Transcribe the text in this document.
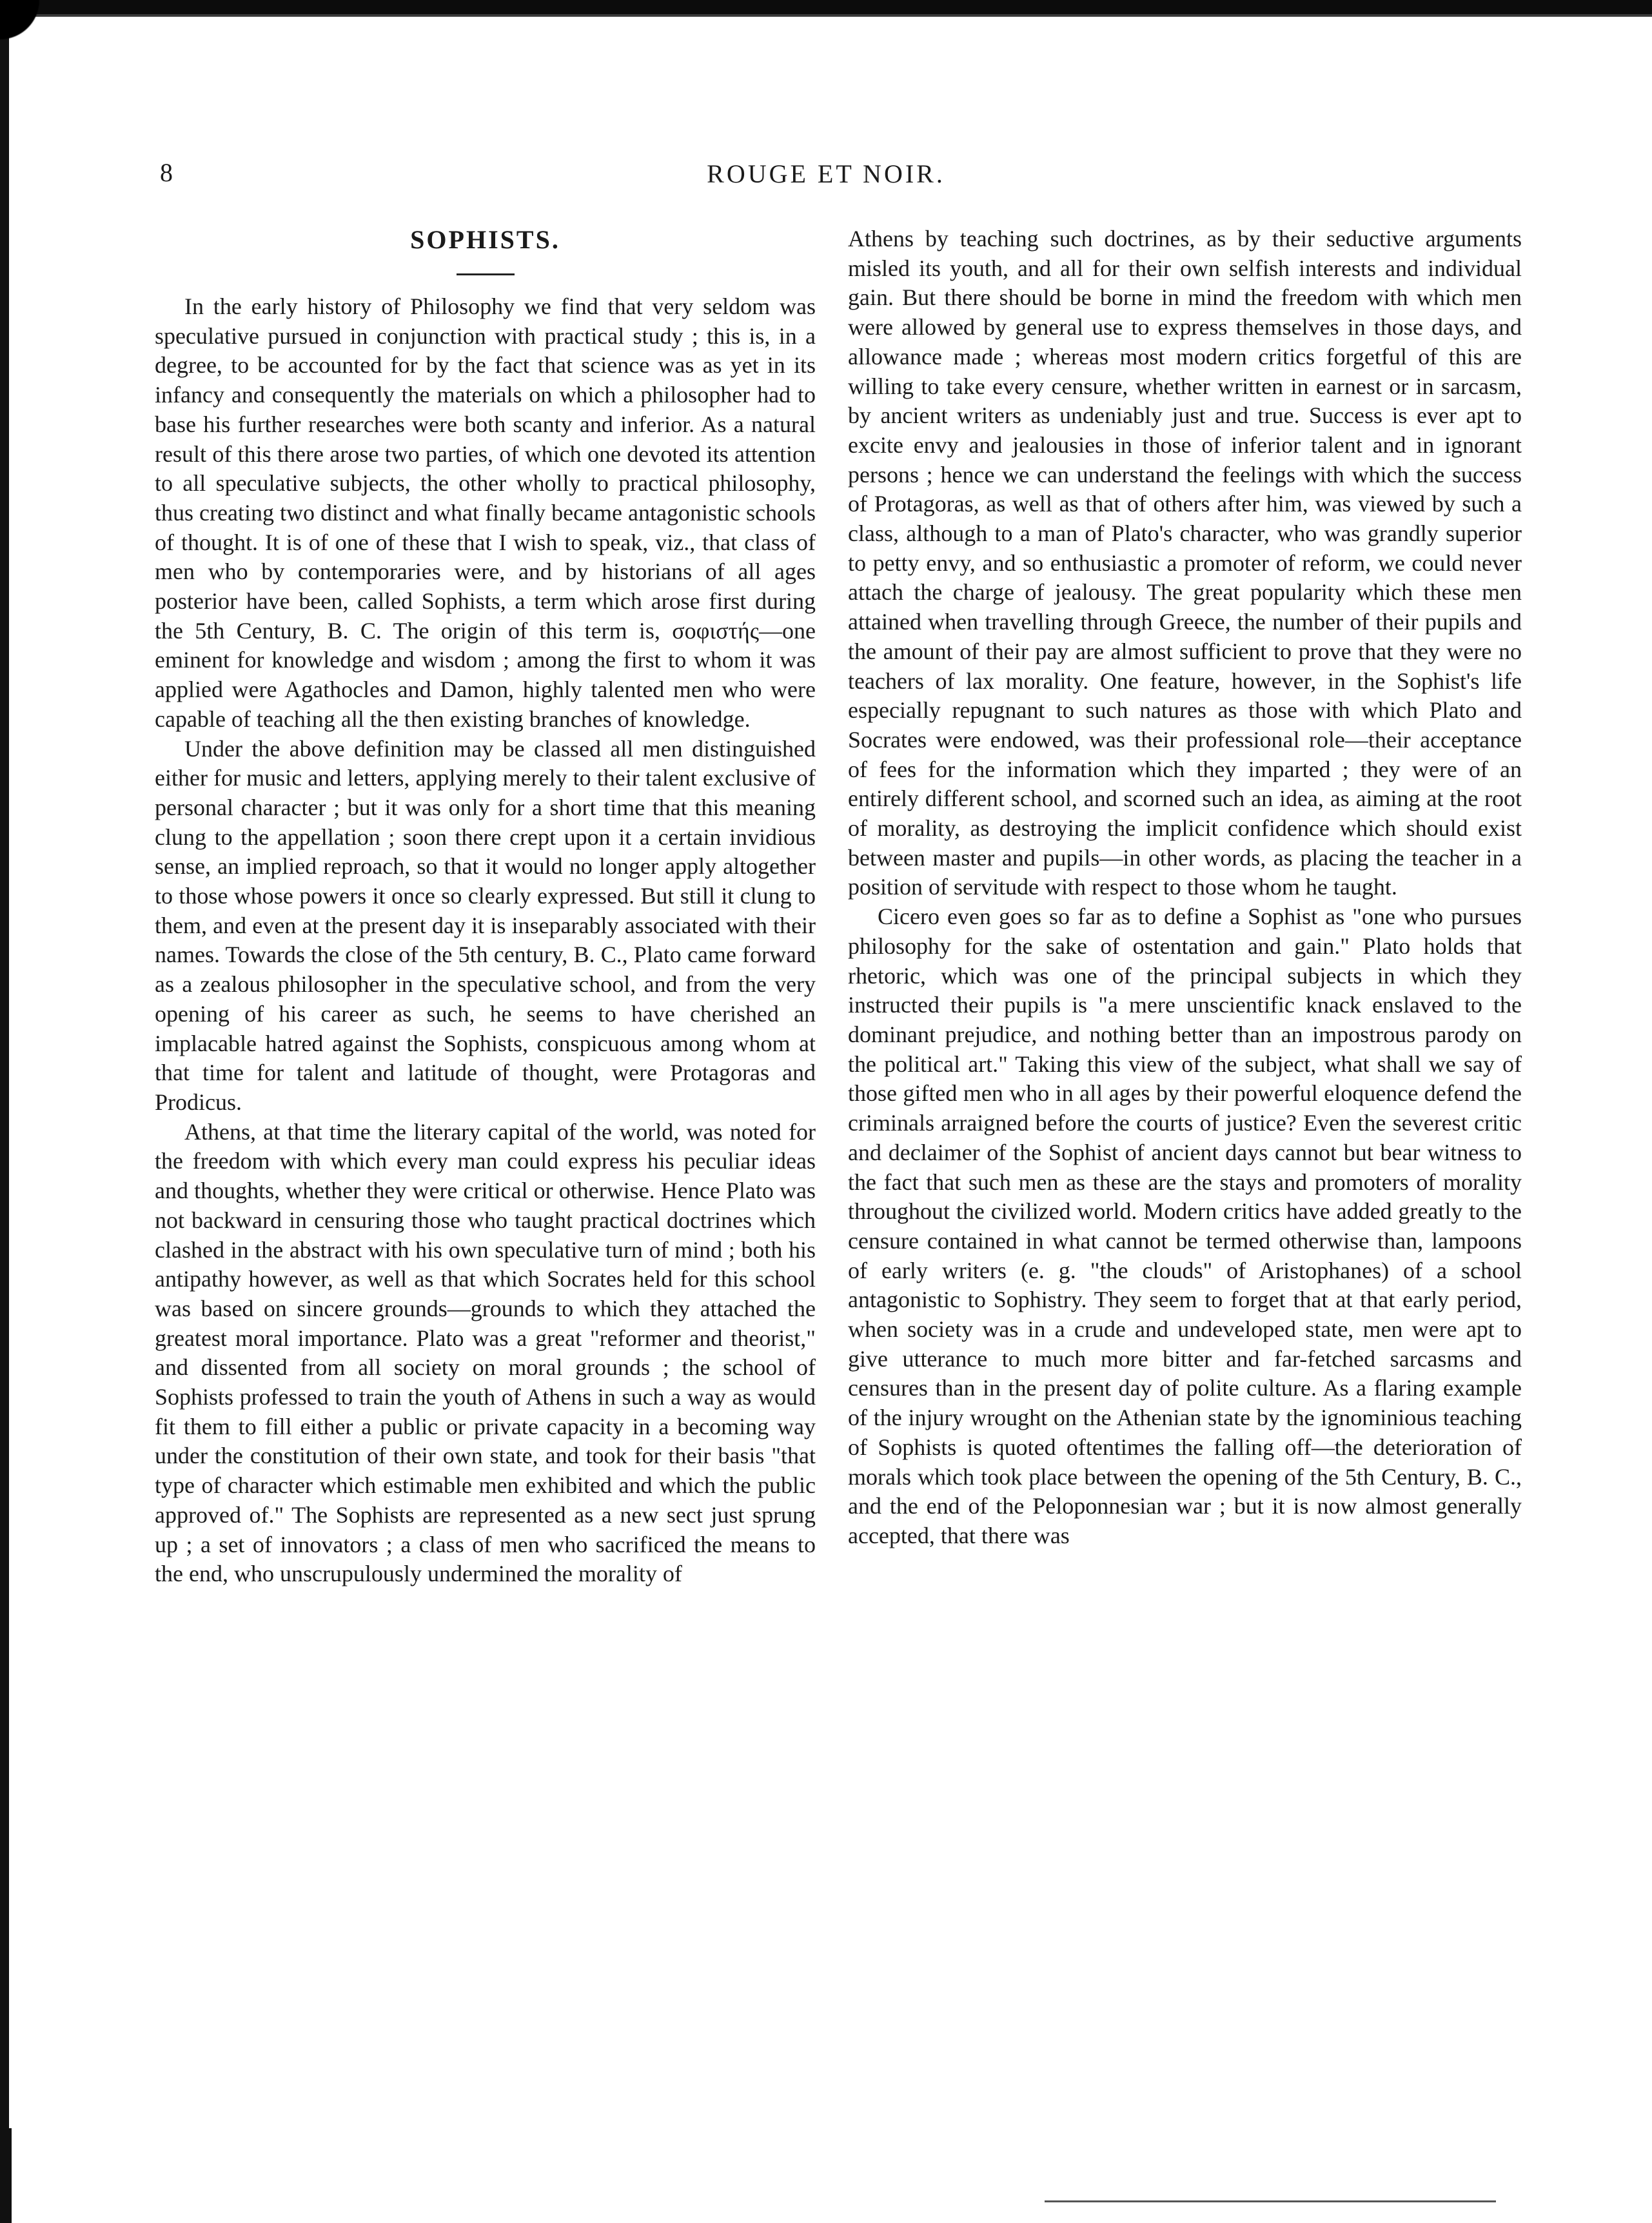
8	ROUGE ET NOIR.
SOPHISTS.

In the early history of Philosophy we find that very seldom was speculative pursued in conjunction with practical study ; this is, in a degree, to be accounted for by the fact that science was as yet in its infancy and consequently the materials on which a philosopher had to base his further researches were both scanty and inferior. As a natural result of this there arose two parties, of which one devoted its attention to all speculative subjects, the other wholly to practical philosophy, thus creating two distinct and what finally became antagonistic schools of thought. It is of one of these that I wish to speak, viz., that class of men who by contemporaries were, and by historians of all ages posterior have been, called Sophists, a term which arose first during the 5th Century, B. C. The origin of this term is, σοφιστής—one eminent for knowledge and wisdom ; among the first to whom it was applied were Agathocles and Damon, highly talented men who were capable of teaching all the then existing branches of knowledge.

Under the above definition may be classed all men distinguished either for music and letters, applying merely to their talent exclusive of personal character ; but it was only for a short time that this meaning clung to the appellation ; soon there crept upon it a certain invidious sense, an implied reproach, so that it would no longer apply altogether to those whose powers it once so clearly expressed. But still it clung to them, and even at the present day it is inseparably associated with their names. Towards the close of the 5th century, B. C., Plato came forward as a zealous philosopher in the speculative school, and from the very opening of his career as such, he seems to have cherished an implacable hatred against the Sophists, conspicuous among whom at that time for talent and latitude of thought, were Protagoras and Prodicus.

Athens, at that time the literary capital of the world, was noted for the freedom with which every man could express his peculiar ideas and thoughts, whether they were critical or otherwise. Hence Plato was not backward in censuring those who taught practical doctrines which clashed in the abstract with his own speculative turn of mind ; both his antipathy however, as well as that which Socrates held for this school was based on sincere grounds—grounds to which they attached the greatest moral importance. Plato was a great "reformer and theorist," and dissented from all society on moral grounds ; the school of Sophists professed to train the youth of Athens in such a way as would fit them to fill either a public or private capacity in a becoming way under the constitution of their own state, and took for their basis "that type of character which estimable men exhibited and which the public approved of." The Sophists are represented as a new sect just sprung up ; a set of innovators ; a class of men who sacrificed the means to the end, who unscrupulously undermined the morality of

Athens by teaching such doctrines, as by their seductive arguments misled its youth, and all for their own selfish interests and individual gain. But there should be borne in mind the freedom with which men were allowed by general use to express themselves in those days, and allowance made ; whereas most modern critics forgetful of this are willing to take every censure, whether written in earnest or in sarcasm, by ancient writers as undeniably just and true. Success is ever apt to excite envy and jealousies in those of inferior talent and in ignorant persons ; hence we can understand the feelings with which the success of Protagoras, as well as that of others after him, was viewed by such a class, although to a man of Plato's character, who was grandly superior to petty envy, and so enthusiastic a promoter of reform, we could never attach the charge of jealousy. The great popularity which these men attained when travelling through Greece, the number of their pupils and the amount of their pay are almost sufficient to prove that they were no teachers of lax morality. One feature, however, in the Sophist's life especially repugnant to such natures as those with which Plato and Socrates were endowed, was their professional role—their acceptance of fees for the information which they imparted ; they were of an entirely different school, and scorned such an idea, as aiming at the root of morality, as destroying the implicit confidence which should exist between master and pupils—in other words, as placing the teacher in a position of servitude with respect to those whom he taught.

Cicero even goes so far as to define a Sophist as "one who pursues philosophy for the sake of ostentation and gain." Plato holds that rhetoric, which was one of the principal subjects in which they instructed their pupils is "a mere unscientific knack enslaved to the dominant prejudice, and nothing better than an impostrous parody on the political art." Taking this view of the subject, what shall we say of those gifted men who in all ages by their powerful eloquence defend the criminals arraigned before the courts of justice? Even the severest critic and declaimer of the Sophist of ancient days cannot but bear witness to the fact that such men as these are the stays and promoters of morality throughout the civilized world. Modern critics have added greatly to the censure contained in what cannot be termed otherwise than, lampoons of early writers (e. g. "the clouds" of Aristophanes) of a school antagonistic to Sophistry. They seem to forget that at that early period, when society was in a crude and undeveloped state, men were apt to give utterance to much more bitter and far-fetched sarcasms and censures than in the present day of polite culture. As a flaring example of the injury wrought on the Athenian state by the ignominious teaching of Sophists is quoted oftentimes the falling off—the deterioration of morals which took place between the opening of the 5th Century, B. C., and the end of the Peloponnesian war ; but it is now almost generally accepted, that there was
